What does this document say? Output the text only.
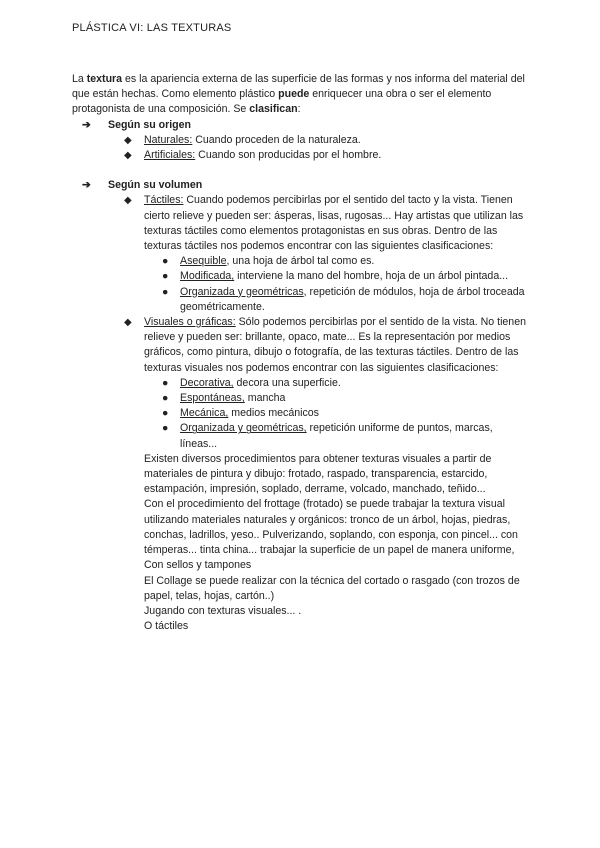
PLÁSTICA VI: LAS TEXTURAS

La textura es la apariencia externa de las superficie de las formas y nos informa del material del que están hechas. Como elemento plástico puede enriquecer una obra o ser el elemento protagonista de una composición. Se clasifican:

➔	Según su origen
◆	Naturales: Cuando proceden de la naturaleza.
◆	Artificiales: Cuando son producidas por el hombre.
➔	Según su volumen
◆	Táctiles: Cuando podemos percibirlas por el sentido del tacto y la vista. Tienen cierto relieve y pueden ser: ásperas, lisas, rugosas... Hay artistas que utilizan las texturas táctiles como elementos protagonistas en sus obras. Dentro de las texturas táctiles nos podemos encontrar con las siguientes clasificaciones:
●	Asequible, una hoja de árbol tal como es.
●	Modificada, interviene la mano del hombre, hoja de un árbol pintada...
●	Organizada y geométricas, repetición de módulos, hoja de árbol troceada geométricamente.
◆	Visuales o gráficas: Sólo podemos percibirlas por el sentido de la vista. No tienen relieve y pueden ser: brillante, opaco, mate... Es la representación por medios gráficos, como pintura, dibujo o fotografía, de las texturas táctiles. Dentro de las texturas visuales nos podemos encontrar con las siguientes clasificaciones:
●	Decorativa, decora una superficie.
●	Espontáneas, mancha
●	Mecánica, medios mecánicos
●	Organizada y geométricas, repetición uniforme de puntos, marcas, líneas...

Existen diversos procedimientos para obtener texturas visuales a partir de materiales de pintura y dibujo: frotado, raspado, transparencia, estarcido, estampación, impresión, soplado, derrame, volcado, manchado, teñido...

Con el procedimiento del frottage (frotado) se puede trabajar la textura visual utilizando materiales naturales y orgánicos: tronco de un árbol, hojas, piedras, conchas, ladrillos, yeso.. Pulverizando, soplando, con esponja, con pincel... con témperas... tinta china... trabajar la superficie de un papel de manera uniforme, Con sellos y tampones

El Collage se puede realizar con la técnica del cortado o rasgado (con trozos de papel, telas, hojas, cartón..)

Jugando con texturas visuales... .

O táctiles
